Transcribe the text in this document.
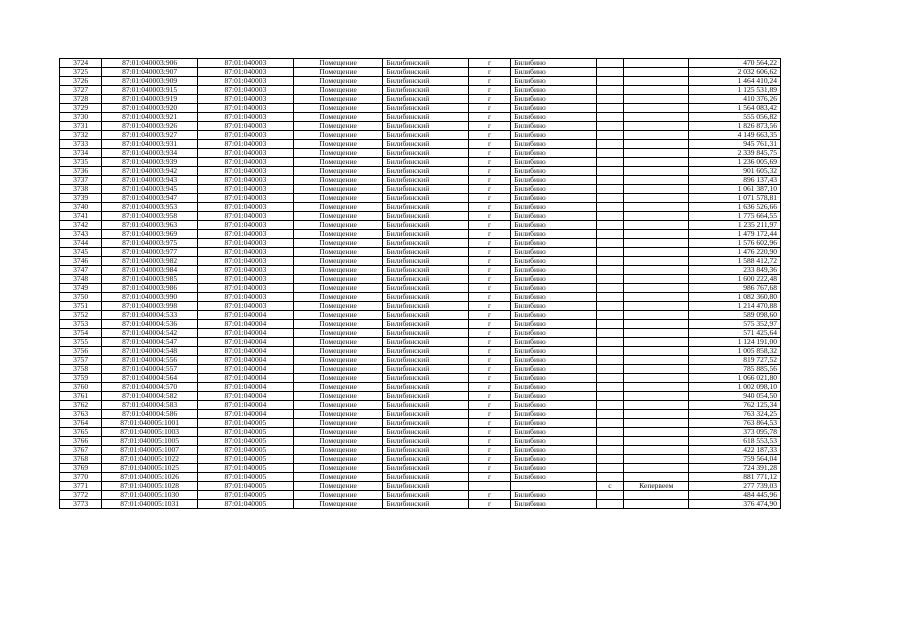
3724	87:01:040003:906	87:01:040003	Помещение	Билибинский	г	Билибино			470 564,22
3725	87:01:040003:907	87:01:040003	Помещение	Билибинский	г	Билибино			2 032 606,62
3726	87:01:040003:909	87:01:040003	Помещение	Билибинский	г	Билибино			1 464 410,24
3727	87:01:040003:915	87:01:040003	Помещение	Билибинский	г	Билибино			1 125 531,89
3728	87:01:040003:919	87:01:040003	Помещение	Билибинский	г	Билибино			410 376,26
3729	87:01:040003:920	87:01:040003	Помещение	Билибинский	г	Билибино			1 564 083,42
3730	87:01:040003:921	87:01:040003	Помещение	Билибинский	г	Билибино			555 056,82
3731	87:01:040003:926	87:01:040003	Помещение	Билибинский	г	Билибино			1 826 873,56
3732	87:01:040003:927	87:01:040003	Помещение	Билибинский	г	Билибино			4 149 663,35
3733	87:01:040003:931	87:01:040003	Помещение	Билибинский	г	Билибино			945 761,31
3734	87:01:040003:934	87:01:040003	Помещение	Билибинский	г	Билибино			2 339 845,75
3735	87:01:040003:939	87:01:040003	Помещение	Билибинский	г	Билибино			1 236 005,69
3736	87:01:040003:942	87:01:040003	Помещение	Билибинский	г	Билибино			901 605,32
3737	87:01:040003:943	87:01:040003	Помещение	Билибинский	г	Билибино			896 137,43
3738	87:01:040003:945	87:01:040003	Помещение	Билибинский	г	Билибино			1 061 387,10
3739	87:01:040003:947	87:01:040003	Помещение	Билибинский	г	Билибино			1 071 578,81
3740	87:01:040003:953	87:01:040003	Помещение	Билибинский	г	Билибино			1 636 526,66
3741	87:01:040003:958	87:01:040003	Помещение	Билибинский	г	Билибино			1 775 664,55
3742	87:01:040003:963	87:01:040003	Помещение	Билибинский	г	Билибино			1 235 211,97
3743	87:01:040003:969	87:01:040003	Помещение	Билибинский	г	Билибино			1 479 172,44
3744	87:01:040003:975	87:01:040003	Помещение	Билибинский	г	Билибино			1 576 602,96
3745	87:01:040003:977	87:01:040003	Помещение	Билибинский	г	Билибино			1 476 220,90
3746	87:01:040003:982	87:01:040003	Помещение	Билибинский	г	Билибино			1 588 412,72
3747	87:01:040003:984	87:01:040003	Помещение	Билибинский	г	Билибино			233 849,36
3748	87:01:040003:985	87:01:040003	Помещение	Билибинский	г	Билибино			1 600 222,48
3749	87:01:040003:986	87:01:040003	Помещение	Билибинский	г	Билибино			986 767,68
3750	87:01:040003:990	87:01:040003	Помещение	Билибинский	г	Билибино			1 082 360,80
3751	87:01:040003:998	87:01:040003	Помещение	Билибинский	г	Билибино			1 214 470,88
3752	87:01:040004:533	87:01:040004	Помещение	Билибинский	г	Билибино			589 098,60
3753	87:01:040004:536	87:01:040004	Помещение	Билибинский	г	Билибино			575 352,97
3754	87:01:040004:542	87:01:040004	Помещение	Билибинский	г	Билибино			571 425,64
3755	87:01:040004:547	87:01:040004	Помещение	Билибинский	г	Билибино			1 124 191,00
3756	87:01:040004:548	87:01:040004	Помещение	Билибинский	г	Билибино			1 005 858,32
3757	87:01:040004:556	87:01:040004	Помещение	Билибинский	г	Билибино			819 727,52
3758	87:01:040004:557	87:01:040004	Помещение	Билибинский	г	Билибино			785 885,56
3759	87:01:040004:564	87:01:040004	Помещение	Билибинский	г	Билибино			1 066 021,80
3760	87:01:040004:570	87:01:040004	Помещение	Билибинский	г	Билибино			1 002 098,10
3761	87:01:040004:582	87:01:040004	Помещение	Билибинский	г	Билибино			940 054,50
3762	87:01:040004:583	87:01:040004	Помещение	Билибинский	г	Билибино			762 125,34
3763	87:01:040004:586	87:01:040004	Помещение	Билибинский	г	Билибино			763 324,25
3764	87:01:040005:1001	87:01:040005	Помещение	Билибинский	г	Билибино			763 864,53
3765	87:01:040005:1003	87:01:040005	Помещение	Билибинский	г	Билибино			373 095,78
3766	87:01:040005:1005	87:01:040005	Помещение	Билибинский	г	Билибино			618 553,53
3767	87:01:040005:1007	87:01:040005	Помещение	Билибинский	г	Билибино			422 187,33
3768	87:01:040005:1022	87:01:040005	Помещение	Билибинский	г	Билибино			759 564,04
3769	87:01:040005:1025	87:01:040005	Помещение	Билибинский	г	Билибино			724 391,28
3770	87:01:040005:1026	87:01:040005	Помещение	Билибинский	г	Билибино			881 771,12
3771	87:01:040005:1028	87:01:040005	Помещение	Билибинский			с	Кепервеем	277 739,03
3772	87:01:040005:1030	87:01:040005	Помещение	Билибинский	г	Билибино			484 445,96
3773	87:01:040005:1031	87:01:040005	Помещение	Билибинский	г	Билибино			376 474,90
